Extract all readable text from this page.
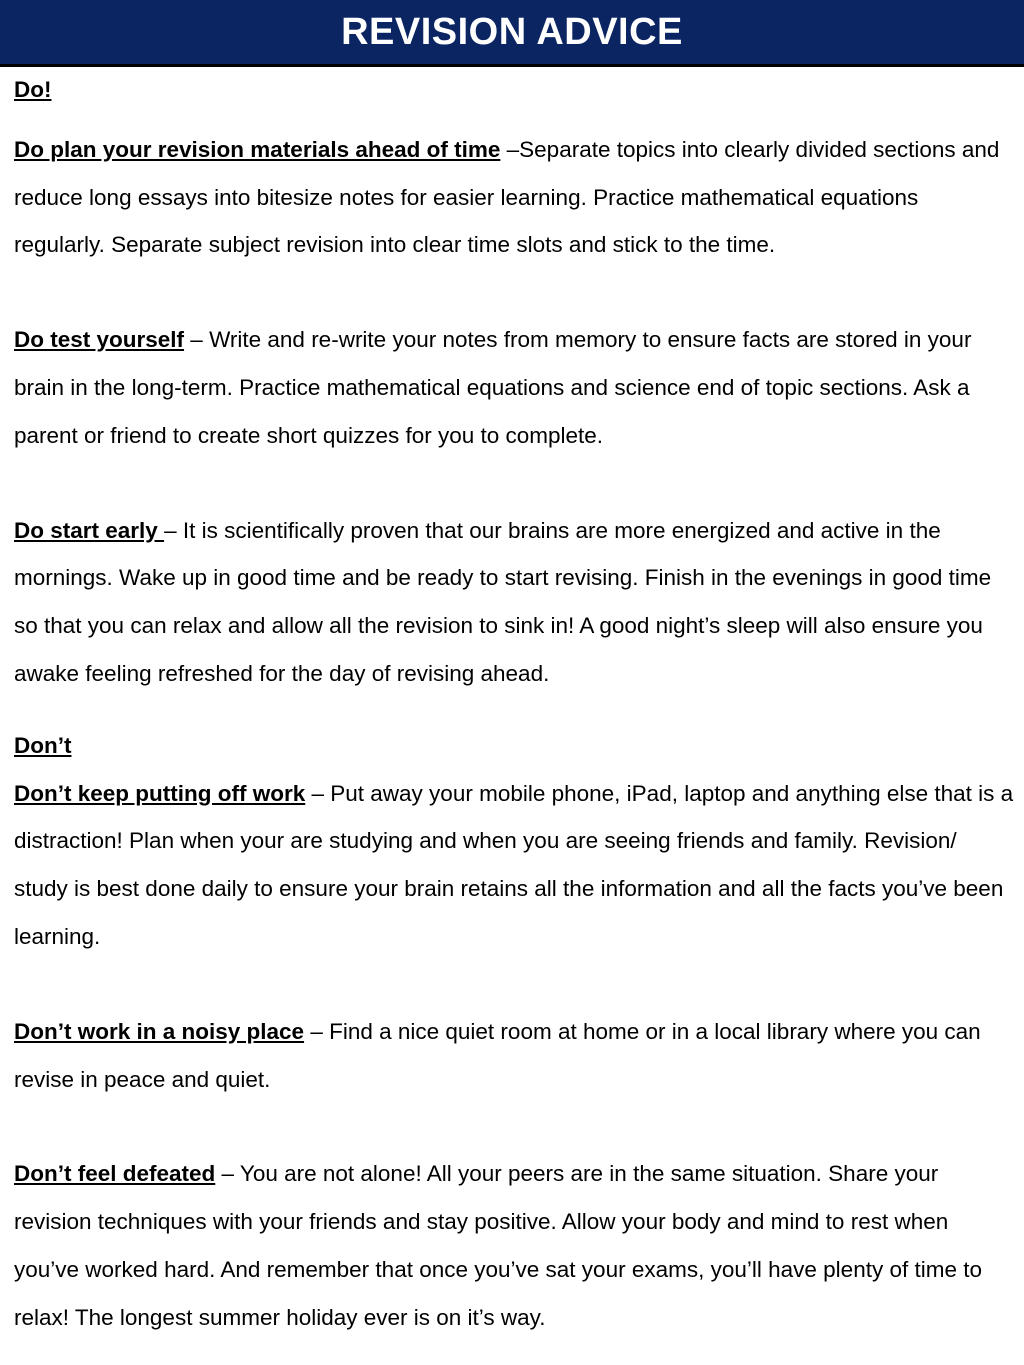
REVISION ADVICE

Do!

Do plan your revision materials ahead of time –Separate topics into clearly divided sections and reduce long essays into bitesize notes for easier learning. Practice mathematical equations regularly. Separate subject revision into clear time slots and stick to the time.

Do test yourself – Write and re-write your notes from memory to ensure facts are stored in your brain in the long-term. Practice mathematical equations and science end of topic sections. Ask a parent or friend to create short quizzes for you to complete.

Do start early – It is scientifically proven that our brains are more energized and active in the mornings. Wake up in good time and be ready to start revising. Finish in the evenings in good time so that you can relax and allow all the revision to sink in! A good night’s sleep will also ensure you awake feeling refreshed for the day of revising ahead.

Don’t

Don’t keep putting off work – Put away your mobile phone, iPad, laptop and anything else that is a distraction! Plan when your are studying and when you are seeing friends and family. Revision/ study is best done daily to ensure your brain retains all the information and all the facts you’ve been learning.

Don’t work in a noisy place – Find a nice quiet room at home or in a local library where you can revise in peace and quiet.

Don’t feel defeated – You are not alone! All your peers are in the same situation. Share your revision techniques with your friends and stay positive. Allow your body and mind to rest when you’ve worked hard. And remember that once you’ve sat your exams, you’ll have plenty of time to relax! The longest summer holiday ever is on it’s way.
